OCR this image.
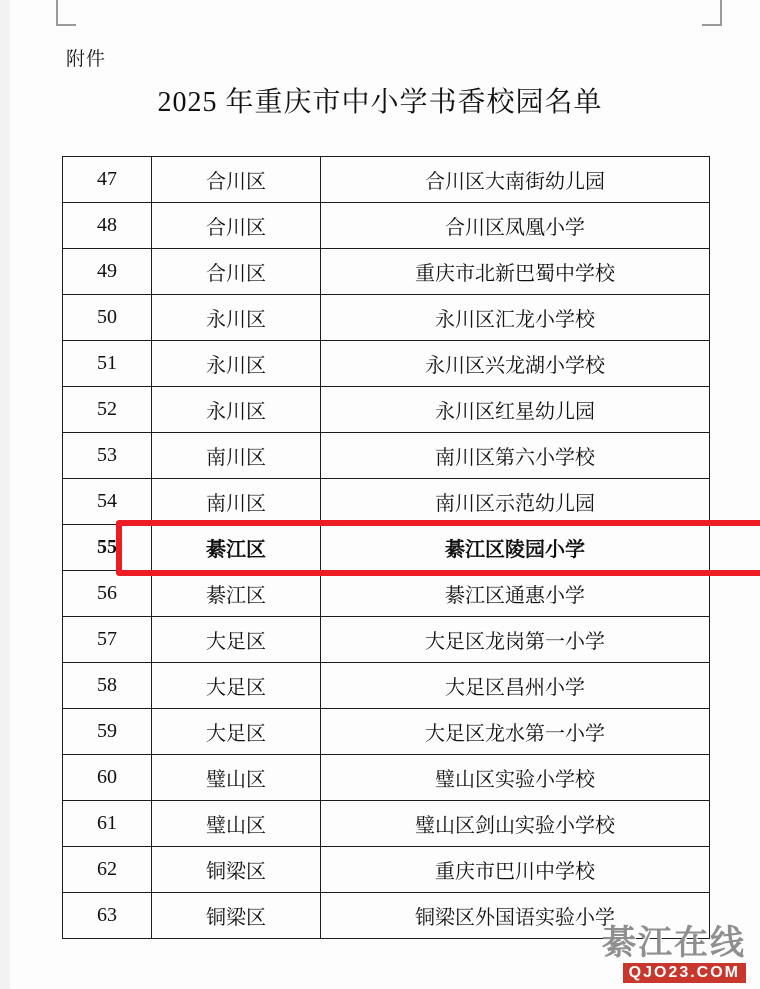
附件
2025 年重庆市中小学书香校园名单
47	合川区	合川区大南街幼儿园
48	合川区	合川区凤凰小学
49	合川区	重庆市北新巴蜀中学校
50	永川区	永川区汇龙小学校
51	永川区	永川区兴龙湖小学校
52	永川区	永川区红星幼儿园
53	南川区	南川区第六小学校
54	南川区	南川区示范幼儿园
55	綦江区	綦江区陵园小学
56	綦江区	綦江区通惠小学
57	大足区	大足区龙岗第一小学
58	大足区	大足区昌州小学
59	大足区	大足区龙水第一小学
60	璧山区	璧山区实验小学校
61	璧山区	璧山区剑山实验小学校
62	铜梁区	重庆市巴川中学校
63	铜梁区	铜梁区外国语实验小学
綦江在线
QJO23.COM
